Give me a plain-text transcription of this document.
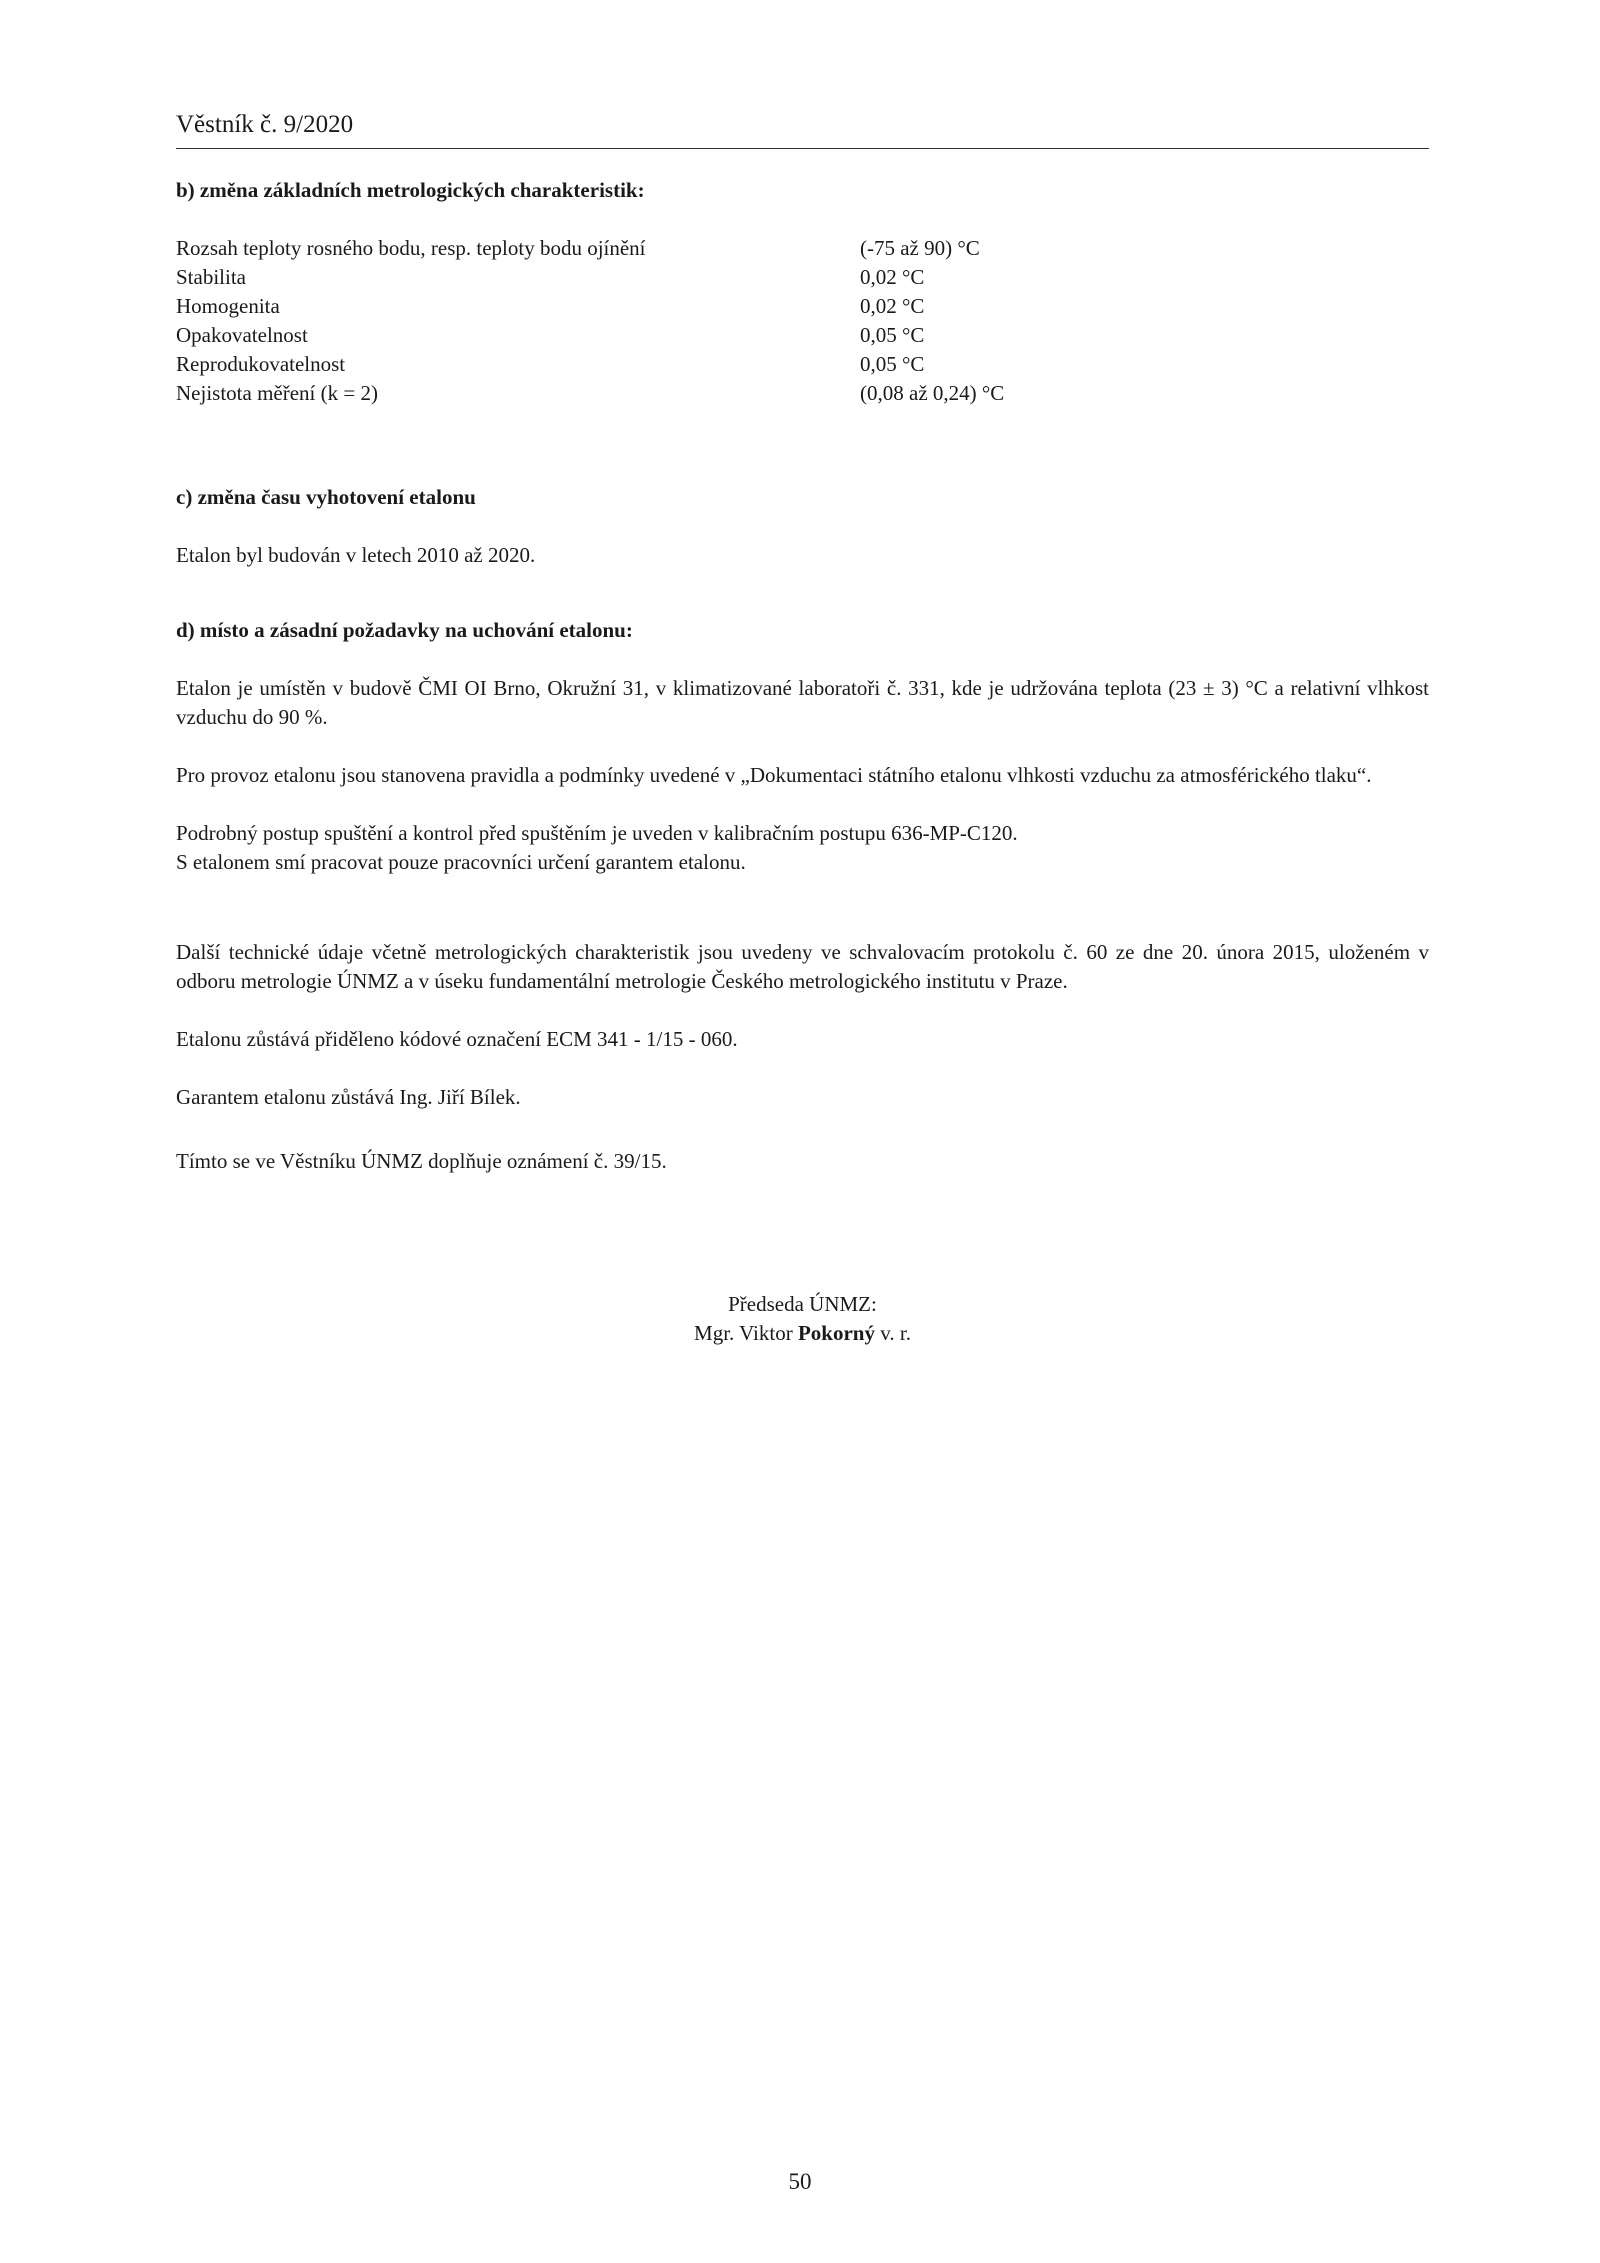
Věstník č. 9/2020

b) změna základních metrologických charakteristik:

Rozsah teploty rosného bodu, resp. teploty bodu ojínění	(-75 až 90) °C
Stabilita	0,02 °C
Homogenita	0,02 °C
Opakovatelnost	0,05 °C
Reprodukovatelnost	0,05 °C
Nejistota měření (k = 2)	(0,08 až 0,24) °C

c) změna času vyhotovení etalonu

Etalon byl budován v letech 2010 až 2020.

d) místo a zásadní požadavky na uchování etalonu:

Etalon je umístěn v budově ČMI OI Brno, Okružní 31, v klimatizované laboratoři č. 331, kde je udržována teplota (23 ± 3) °C a relativní vlhkost vzduchu do 90 %.

Pro provoz etalonu jsou stanovena pravidla a podmínky uvedené v „Dokumentaci státního etalonu vlhkosti vzduchu za atmosférického tlaku“.

Podrobný postup spuštění a kontrol před spuštěním je uveden v kalibračním postupu 636-MP-C120.

S etalonem smí pracovat pouze pracovníci určení garantem etalonu.

Další technické údaje včetně metrologických charakteristik jsou uvedeny ve schvalovacím protokolu č. 60 ze dne 20. února 2015, uloženém v odboru metrologie ÚNMZ a v úseku fundamentální metrologie Českého metrologického institutu v Praze.

Etalonu zůstává přiděleno kódové označení ECM 341 - 1/15 - 060.

Garantem etalonu zůstává Ing. Jiří Bílek.

Tímto se ve Věstníku ÚNMZ doplňuje oznámení č. 39/15.

Předseda ÚNMZ:

Mgr. Viktor Pokorný v. r.

50
